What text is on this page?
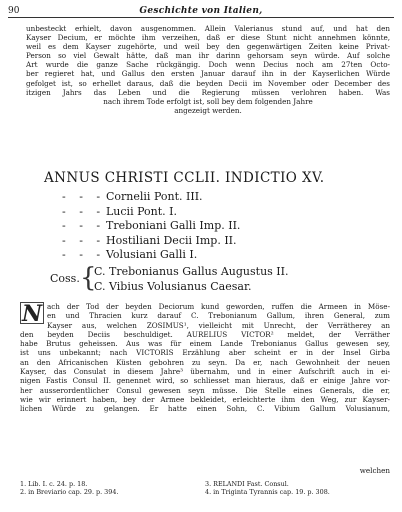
90	Geschichte von Italien,
unbesteckt erhielt, davon ausgenommen. Allein Valerianus stund auf, und hat den
Kayser Decium, er möchte ihm verzeihen, daß er diese Stunt nicht annehmen könnte,
weil es dem Kayser zugehörte, und weil bey den gegenwärtigen Zeiten keine Privat-
Person so viel Gewalt hätte, daß man ihr darinn gehorsam seyn würde. Auf solche
Art wurde die ganze Sache rückgängig. Doch wenn Decius noch am 27ten Octo-
ber regieret hat, und Gallus den ersten Januar darauf ihn in der Kayserlichen Würde
gefolget ist, so erhellet daraus, daß die beyden Decii im November oder December des
itzigen Jahrs das Leben und die Regierung müssen verlohren haben. Was
nach ihrem Tode erfolgt ist, soll bey dem folgenden Jahre
angezeigt werden.
ANNUS CHRISTI CCLII. INDICTIO XV.
- - -Cornelii Pont. III.
- - -Lucii Pont. I.
- - -Treboniani Galli Imp. II.
- - -Hostiliani Decii Imp. II.
- - -Volusiani Galli I.
Coss. {
C. Trebonianus Gallus Augustus II.
C. Vibius Volusianus Caesar.
N ach der Tod der beyden Deciorum kund geworden, ruffen die Armeen in Möse-
en und Thracien kurz darauf C. Trebonianum Gallum, ihren General, zum
Kayser aus, welchen ZOSIMUS¹, vielleicht mit Unrecht, der Verrätherey an
den beyden Deciis beschuldiget. AURELIUS VICTOR² meldet, der Verräther
habe Brutus geheissen. Aus was für einem Lande Trebonianus Gallus gewesen sey,
ist uns unbekannt; nach VICTORIS Erzählung aber scheint er in der Insel Girba
an den Africanischen Küsten gebohren zu seyn. Da er, nach Gewohnheit der neuen
Kayser, das Consulat in diesem Jahre³ übernahm, und in einer Aufschrift auch in ei-
nigen Fastis Consul II. genennet wird, so schliesset man hieraus, daß er einige Jahre vor-
her ausserordentlicher Consul gewesen seyn müsse. Die Stelle eines Generals, die er,
wie wir erinnert haben, bey der Armee bekleidet, erleichterte ihm den Weg, zur Kayser-
lichen Würde zu gelangen. Er hatte einen Sohn, C. Vibium Gallum Volusianum,
welchen
1. Lib. I. c. 24. p. 18.	3. RELANDI Fast. Consul.
2. in Breviario cap. 29. p. 394.	4. in Triginta Tyrannis cap. 19. p. 308.
